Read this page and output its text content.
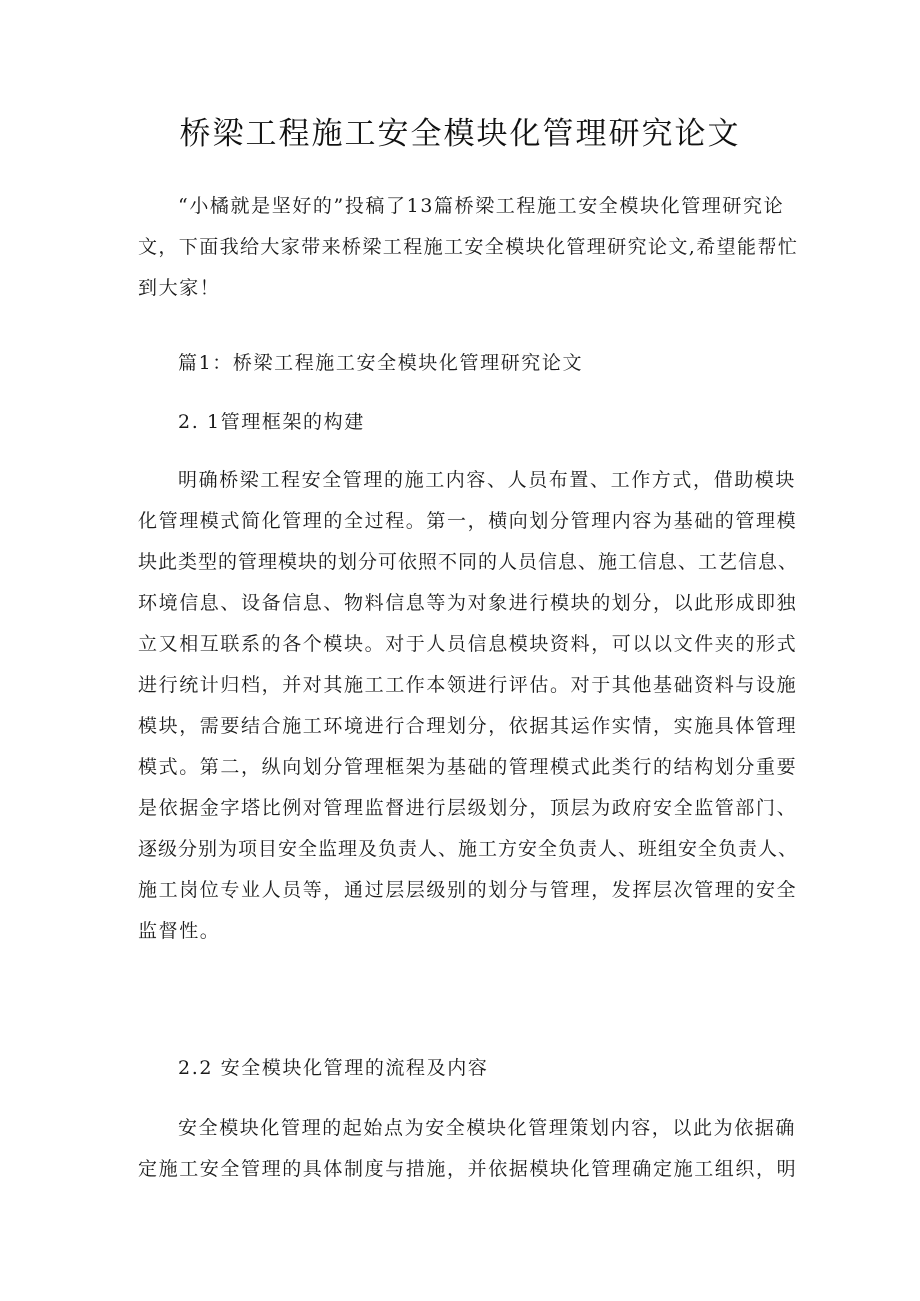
桥梁工程施工安全模块化管理研究论文
“小橘就是坚好的”投稿了13篇桥梁工程施工安全模块化管理研究论
文，下面我给大家带来桥梁工程施工安全模块化管理研究论文,希望能帮忙
到大家！
篇1：桥梁工程施工安全模块化管理研究论文
2. 1管理框架的构建
明确桥梁工程安全管理的施工内容、人员布置、工作方式，借助模块
化管理模式简化管理的全过程。第一，横向划分管理内容为基础的管理模
块此类型的管理模块的划分可依照不同的人员信息、施工信息、工艺信息、
环境信息、设备信息、物料信息等为对象进行模块的划分，以此形成即独
立又相互联系的各个模块。对于人员信息模块资料，可以以文件夹的形式
进行统计归档，并对其施工工作本领进行评估。对于其他基础资料与设施
模块，需要结合施工环境进行合理划分，依据其运作实情，实施具体管理
模式。第二，纵向划分管理框架为基础的管理模式此类行的结构划分重要
是依据金字塔比例对管理监督进行层级划分，顶层为政府安全监管部门、
逐级分别为项目安全监理及负责人、施工方安全负责人、班组安全负责人、
施工岗位专业人员等，通过层层级别的划分与管理，发挥层次管理的安全
监督性。
2.2 安全模块化管理的流程及内容
安全模块化管理的起始点为安全模块化管理策划内容，以此为依据确
定施工安全管理的具体制度与措施，并依据模块化管理确定施工组织，明
